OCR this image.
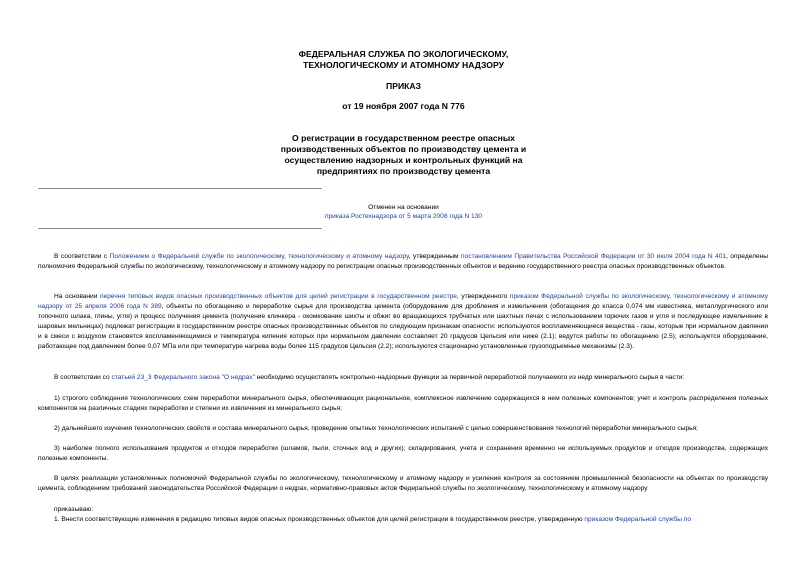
ФЕДЕРАЛЬНАЯ СЛУЖБА ПО ЭКОЛОГИЧЕСКОМУ,
ТЕХНОЛОГИЧЕСКОМУ И АТОМНОМУ НАДЗОРУ
ПРИКАЗ
от 19 ноября 2007 года N 776
О регистрации в государственном реестре опасных
производственных объектов по производству цемента и
осуществлению надзорных и контрольных функций на
предприятиях по производству цемента
Отменен на основании
приказа Ростехнадзора от 5 марта 2008 года N 130
В соответствии с Положением о Федеральной службе по экологическому, технологическому и атомному надзору, утвержденным постановлением Правительства Российской Федерации от 30 июля 2004 года N 401, определены полномочия Федеральной службы по экологическому, технологическому и атомному надзору по регистрации опасных производственных объектов и ведению государственного реестра опасных производственных объектов.
На основании перечня типовых видов опасных производственных объектов для целей регистрации в государственном реестре, утвержденного приказом Федеральной службы по экологическому, технологическому и атомному надзору от 25 апреля 2006 года N 389, объекты по обогащению и переработке сырья для производства цемента (оборудование для дробления и измельчения (обогащения до класса 0,074 мм известняка, металлургического или топочного шлака, глины, угля) и процесс получения цемента (получение клинкера - окомкование шихты и обжиг во вращающихся трубчатых или шахтных печах с использованием горючих газов и угля и последующее измельчение в шаровых мельницах) подлежат регистрации в государственном реестре опасных производственных объектов по следующим признакам опасности: используются воспламеняющиеся вещества - газы, которые при нормальном давлении и в смеси с воздухом становятся воспламеняющимися и температура кипения которых при нормальном давлении составляет 20 градусов Цельсия или ниже (2.1); ведутся работы по обогащению (2.5); используется оборудование, работающее под давлением более 0,07 МПа или при температуре нагрева воды более 115 градусов Цельсия (2.2); используются стационарно установленные грузоподъемные механизмы (2.3).
В соответствии со статьей 23_3 Федерального закона "О недрах" необходимо осуществлять контрольно-надзорные функции за первичной переработкой получаемого из недр минерального сырья в части:
1) строгого соблюдения технологических схем переработки минерального сырья, обеспечивающих рациональное, комплексное извлечение содержащихся в нем полезных компонентов; учет и контроль распределения полезных компонентов на различных стадиях переработки и степени их извлечения из минерального сырья;
2) дальнейшего изучения технологических свойств и состава минерального сырья, проведение опытных технологических испытаний с целью совершенствования технологий переработки минерального сырья;
3) наиболее полного использования продуктов и отходов переработки (шламов, пыли, сточных вод и других); складирования, учета и сохранения временно не используемых продуктов и отходов производства, содержащих полезные компоненты.
В целях реализации установленных полномочий Федеральной службы по экологическому, технологическому и атомному надзору и усиления контроля за состоянием промышленной безопасности на объектах по производству цемента, соблюдением требований законодательства Российской Федерации о недрах, нормативно-правовых актов Федеральной службы по экологическому, технологическому и атомному надзору
приказываю:
1. Внести соответствующие изменения в редакцию типовых видов опасных производственных объектов для целей регистрации в государственном реестре, утвержденную приказом Федеральной службы по
